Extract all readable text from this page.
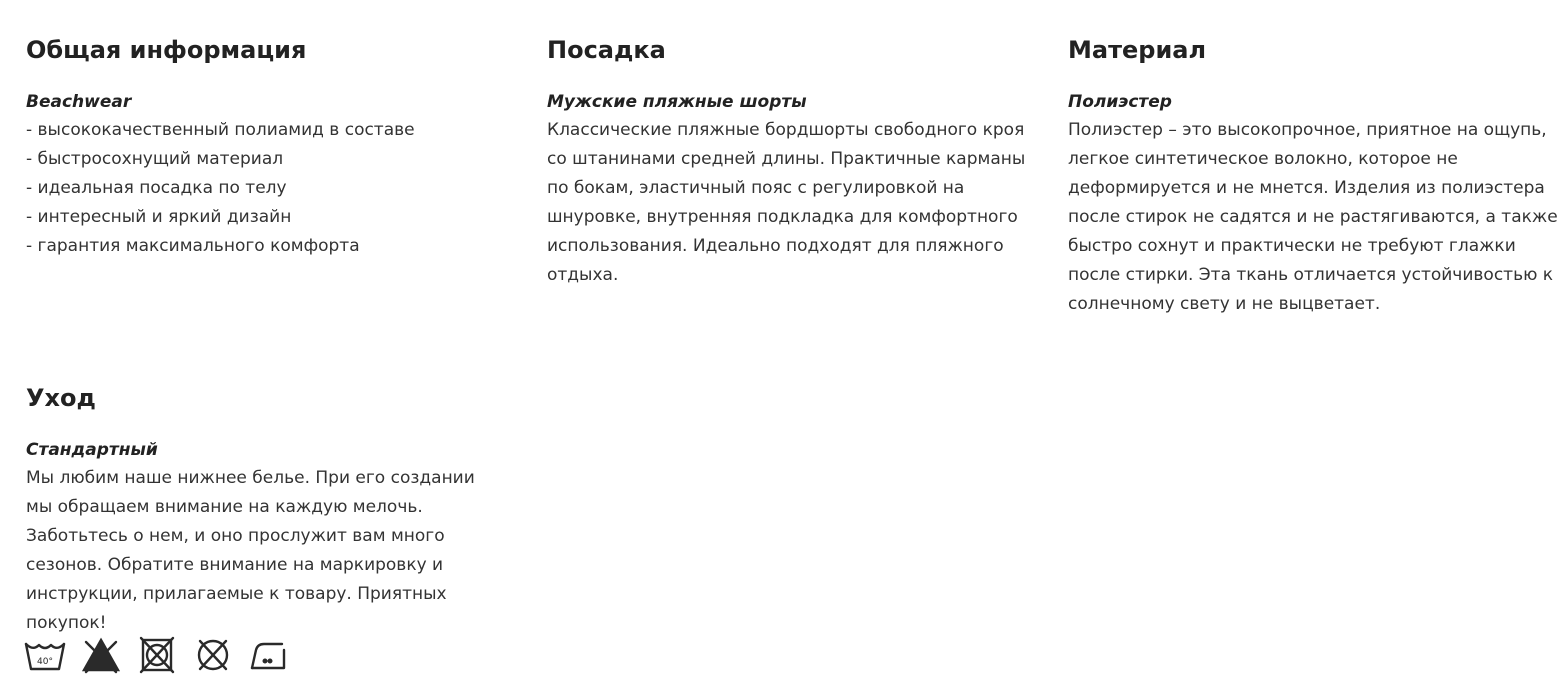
Общая информация
Beachwear
- высококачественный полиамид в составе
- быстросохнущий материал
- идеальная посадка по телу
- интересный и яркий дизайн
- гарантия максимального комфорта
Посадка
Мужские пляжные шорты

Классические пляжные бордшорты свободного кроя со штанинами средней длины. Практичные карманы по бокам, эластичный пояс с регулировкой на шнуровке, внутренняя подкладка для комфортного использования. Идеально подходят для пляжного отдыха.

Материал
Полиэстер

Полиэстер – это высокопрочное, приятное на ощупь, легкое синтетическое волокно, которое не деформируется и не мнется. Изделия из полиэстера после стирок не садятся и не растягиваются, а также быстро сохнут и практически не требуют глажки после стирки. Эта ткань отличается устойчивостью к солнечному свету и не выцветает.

Уход
Стандартный

Мы любим наше нижнее белье. При его создании мы обращаем внимание на каждую мелочь. Заботьтесь о нем, и оно прослужит вам много сезонов. Обратите внимание на маркировку и инструкции, прилагаемые к товару. Приятных покупок!

40°
